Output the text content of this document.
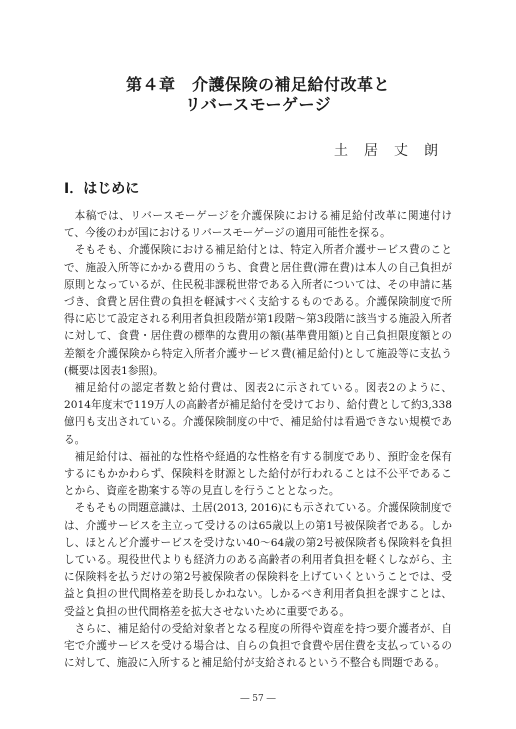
第４章　介護保険の補足給付改革と
リバースモーゲージ
土居丈朗
Ⅰ．はじめに

本稿では、リバースモーゲージを介護保険における補足給付改革に関連付けて、今後のわが国におけるリバースモーゲージの適用可能性を探る。

そもそも、介護保険における補足給付とは、特定入所者介護サービス費のことで、施設入所等にかかる費用のうち、食費と居住費(滞在費)は本人の自己負担が原則となっているが、住民税非課税世帯である入所者については、その申請に基づき、食費と居住費の負担を軽減すべく支給するものである。介護保険制度で所得に応じて設定される利用者負担段階が第1段階～第3段階に該当する施設入所者に対して、食費・居住費の標準的な費用の額(基準費用額)と自己負担限度額との差額を介護保険から特定入所者介護サービス費(補足給付)として施設等に支払う(概要は図表1参照)。

補足給付の認定者数と給付費は、図表2に示されている。図表2のように、2014年度末で119万人の高齢者が補足給付を受けており、給付費として約3,338億円も支出されている。介護保険制度の中で、補足給付は看過できない規模である。

補足給付は、福祉的な性格や経過的な性格を有する制度であり、預貯金を保有するにもかかわらず、保険料を財源とした給付が行われることは不公平であることから、資産を勘案する等の見直しを行うこととなった。

そもそもの問題意識は、土居(2013, 2016)にも示されている。介護保険制度では、介護サービスを主立って受けるのは65歳以上の第1号被保険者である。しかし、ほとんど介護サービスを受けない40～64歳の第2号被保険者も保険料を負担している。現役世代よりも経済力のある高齢者の利用者負担を軽くしながら、主に保険料を払うだけの第2号被保険者の保険料を上げていくということでは、受益と負担の世代間格差を助長しかねない。しかるべき利用者負担を課すことは、受益と負担の世代間格差を拡大させないために重要である。

さらに、補足給付の受給対象者となる程度の所得や資産を持つ要介護者が、自宅で介護サービスを受ける場合は、自らの負担で食費や居住費を支払っているのに対して、施設に入所すると補足給付が支給されるという不整合も問題である。

― 57 ―
